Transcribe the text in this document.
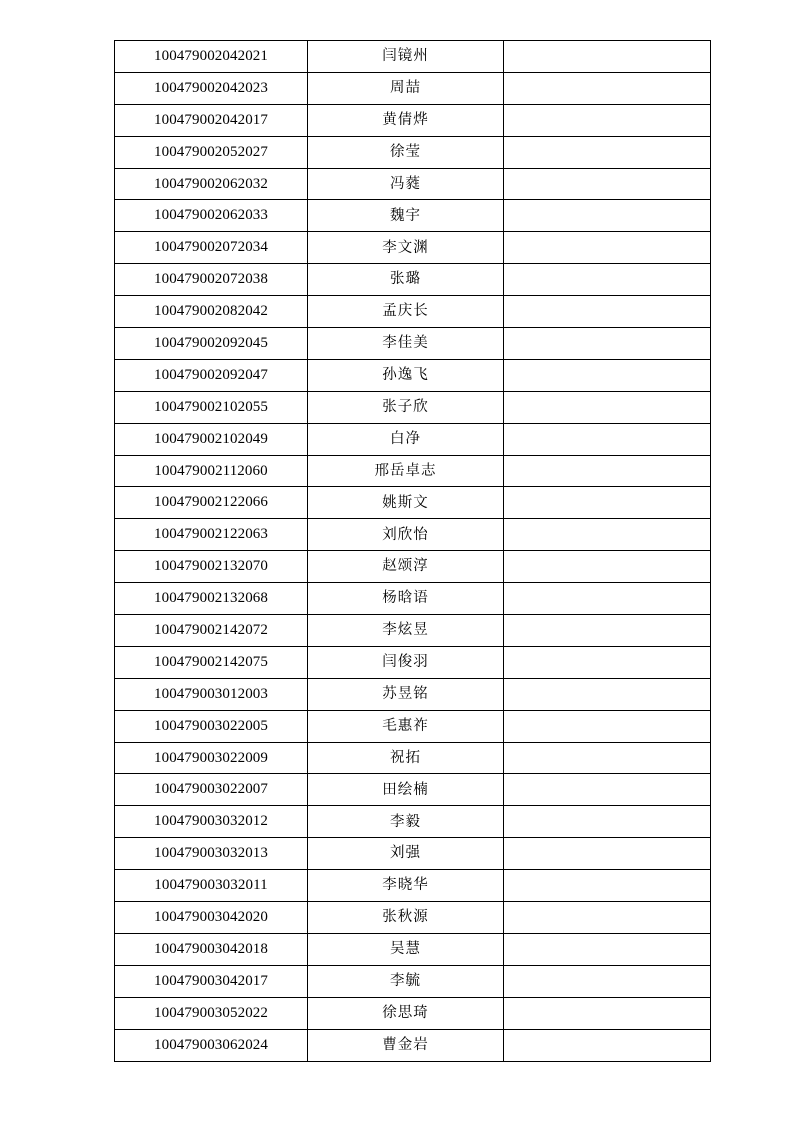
100479002042021	闫镜州	
100479002042023	周喆	
100479002042017	黄倩烨	
100479002052027	徐莹	
100479002062032	冯蕤	
100479002062033	魏宇	
100479002072034	李文渊	
100479002072038	张璐	
100479002082042	孟庆长	
100479002092045	李佳美	
100479002092047	孙逸飞	
100479002102055	张子欣	
100479002102049	白净	
100479002112060	邢岳卓志	
100479002122066	姚斯文	
100479002122063	刘欣怡	
100479002132070	赵颂淳	
100479002132068	杨晗语	
100479002142072	李炫昱	
100479002142075	闫俊羽	
100479003012003	苏昱铭	
100479003022005	毛惠祚	
100479003022009	祝拓	
100479003022007	田绘楠	
100479003032012	李毅	
100479003032013	刘强	
100479003032011	李晓华	
100479003042020	张秋源	
100479003042018	吴慧	
100479003042017	李毓	
100479003052022	徐思琦	
100479003062024	曹金岩	
